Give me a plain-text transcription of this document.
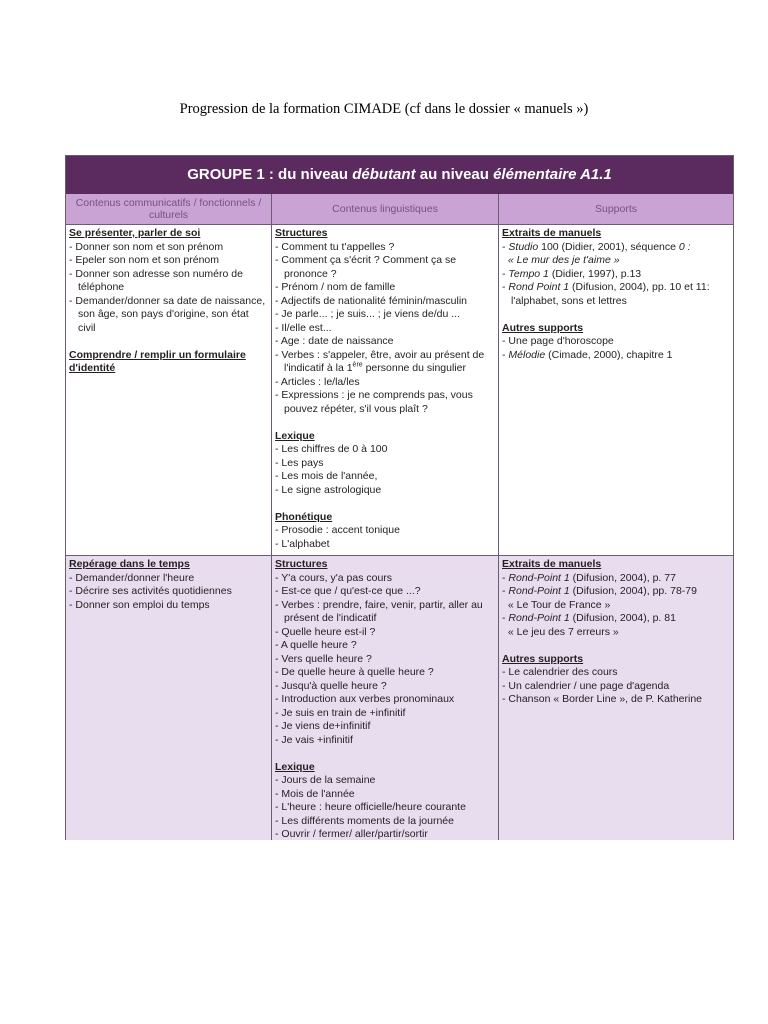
Progression de la formation CIMADE (cf dans le dossier « manuels »)
GROUPE 1 : du niveau débutant au niveau élémentaire A1.1
Contenus communicatifs / fonctionnels / culturels	Contenus linguistiques	Supports
Se présenter, parler de soi
- Donner son nom et son prénom
- Epeler son nom et son prénom
- Donner son adresse son numéro de téléphone
- Demander/donner sa date de naissance, son âge, son pays d'origine, son état civil
Comprendre / remplir un formulaire d'identité
Structures
- Comment tu t'appelles ?
- Comment ça s'écrit ? Comment ça se prononce ?
- Prénom / nom de famille
- Adjectifs de nationalité féminin/masculin
- Je parle... ; je suis... ; je viens de/du ...
- Il/elle est...
- Age : date de naissance
- Verbes : s'appeler, être, avoir au présent de l'indicatif à la 1ère personne du singulier
- Articles : le/la/les
- Expressions : je ne comprends pas, vous pouvez répéter, s'il vous plaît ?
Lexique
- Les chiffres de 0 à 100
- Les pays
- Les mois de l'année,
- Le signe astrologique
Phonétique
- Prosodie : accent tonique
- L'alphabet
Extraits de manuels
- Studio 100 (Didier, 2001), séquence 0 :
« Le mur des je t'aime »
- Tempo 1 (Didier, 1997), p.13
- Rond Point 1 (Difusion, 2004), pp. 10 et 11: l'alphabet, sons et lettres
Autres supports
- Une page d'horoscope
- Mélodie (Cimade, 2000), chapitre 1
Repérage dans le temps
- Demander/donner l'heure
- Décrire ses activités quotidiennes
- Donner son emploi du temps
Structures
- Y'a cours, y'a pas cours
- Est-ce que / qu'est-ce que ...?
- Verbes : prendre, faire, venir, partir, aller au présent de l'indicatif
- Quelle heure est-il ?
- A quelle heure ?
- Vers quelle heure ?
- De quelle heure à quelle heure ?
- Jusqu'à quelle heure ?
- Introduction aux verbes pronominaux
- Je suis en train de +infinitif
- Je viens de+infinitif
- Je vais +infinitif
Lexique
- Jours de la semaine
- Mois de l'année
- L'heure : heure officielle/heure courante
- Les différents moments de la journée
- Ouvrir / fermer/ aller/partir/sortir
Extraits de manuels
- Rond-Point 1 (Difusion, 2004), p. 77
- Rond-Point 1 (Difusion, 2004), pp. 78-79
« Le Tour de France »
- Rond-Point 1 (Difusion, 2004), p. 81
« Le jeu des 7 erreurs »
Autres supports
- Le calendrier des cours
- Un calendrier / une page d'agenda
- Chanson « Border Line », de P. Katherine
